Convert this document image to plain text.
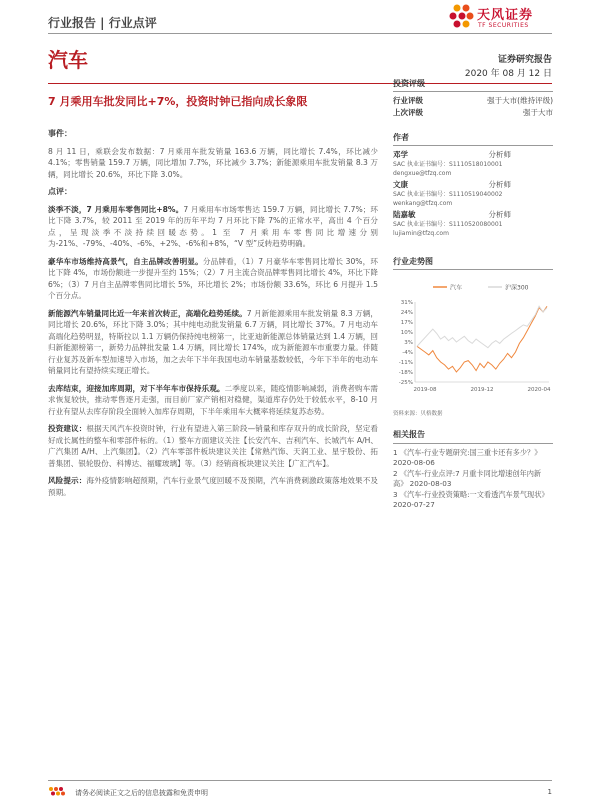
行业报告 | 行业点评	天风证券
TF SECURITIES
汽车	证券研究报告
2020 年 08 月 12 日
7 月乘用车批发同比+7%，投资时钟已指向成长象限
事件：

8 月 11 日，乘联会发布数据：7 月乘用车批发销量 163.6 万辆，同比增长 7.4%，环比减少 4.1%；零售销量 159.7 万辆，同比增加 7.7%，环比减少 3.7%；新能源乘用车批发销量 8.3 万辆，同比增长 20.6%，环比下降 3.0%。

点评：

淡季不淡，7 月乘用车零售同比+8%。7 月乘用车市场零售达 159.7 万辆，同比增长 7.7%；环比下降 3.7%，较 2011 至 2019 年的历年平均 7 月环比下降 7%的正常水平，高出 4 个百分点，呈现淡季不淡持续回暖态势。1 至 7 月乘用车零售同比增速分别为-21%、-79%、-40%、-6%、+2%、-6%和+8%，“V 型”反转趋势明确。

豪华车市场维持高景气，自主品牌改善明显。分品牌看，（1）7 月豪华车零售同比增长 30%，环比下降 4%，市场份额进一步提升至约 15%；（2）7 月主流合资品牌零售同比增长 4%，环比下降 6%；（3）7 月自主品牌零售同比增长 5%，环比增长 2%；市场份额 33.6%，环比 6 月提升 1.5 个百分点。

新能源汽车销量同比近一年来首次转正，高端化趋势延续。7 月新能源乘用车批发销量 8.3 万辆，同比增长 20.6%，环比下降 3.0%；其中纯电动批发销量 6.7 万辆，同比增长 37%。7 月电动车高端化趋势明显，特斯拉以 1.1 万辆仍保持纯电榜第一，比亚迪新能源总体销量达到 1.4 万辆，回归新能源榜第一，新势力品牌批发量 1.4 万辆，同比增长 174%，成为新能源车市重要力量。伴随行业复苏及新车型加速导入市场，加之去年下半年我国电动车销量基数较低，今年下半年的电动车销量同比有望持续实现正增长。

去库结束，迎接加库周期，对下半年车市保持乐观。二季度以来，随疫情影响减弱，消费者购车需求恢复较快，推动零售逐月走强，而目前厂家产销相对稳健，渠道库存仍处于较低水平，8-10 月行业有望从去库存阶段全面转入加库存周期，下半年乘用车大概率将延续复苏态势。

投资建议：根据天风汽车投资时钟，行业有望进入第三阶段—销量和库存双升的成长阶段，坚定看好成长属性的整车和零部件标的。（1）整车方面建议关注【长安汽车、吉利汽车、长城汽车 A/H、广汽集团 A/H、上汽集团】。（2）汽车零部件板块建议关注【常熟汽饰、天润工业、星宇股份、拓普集团、银轮股份、科博达、福耀玻璃】等。（3）经销商板块建议关注【广汇汽车】。

风险提示：海外疫情影响超预期，汽车行业景气度回暖不及预期，汽车消费刺激政策落地效果不及预期。

投资评级
行业评级	强于大市(维持评级)
上次评级	强于大市
作者
邓学	分析师
SAC 执业证书编号：S1110518010001
dengxue@tfzq.com
文康	分析师
SAC 执业证书编号：S1110519040002
wenkang@tfzq.com
陆嘉敏	分析师
SAC 执业证书编号：S1110520080001
lujiamin@tfzq.com
行业走势图
汽车	沪深300
31%
24%
17%
10%
3%
-4%
-11%
-18%
-25%
2019-08	2019-12	2020-04
资料来源：贝格数据
相关报告
1 《汽车-行业专题研究:国三重卡还有多少？》 2020-08-06
2 《汽车-行业点评:7 月重卡同比增速创年内新高》 2020-08-03
3 《汽车-行业投资策略:一文看透汽车景气现状》 2020-07-27
请务必阅读正文之后的信息披露和免责申明	1
